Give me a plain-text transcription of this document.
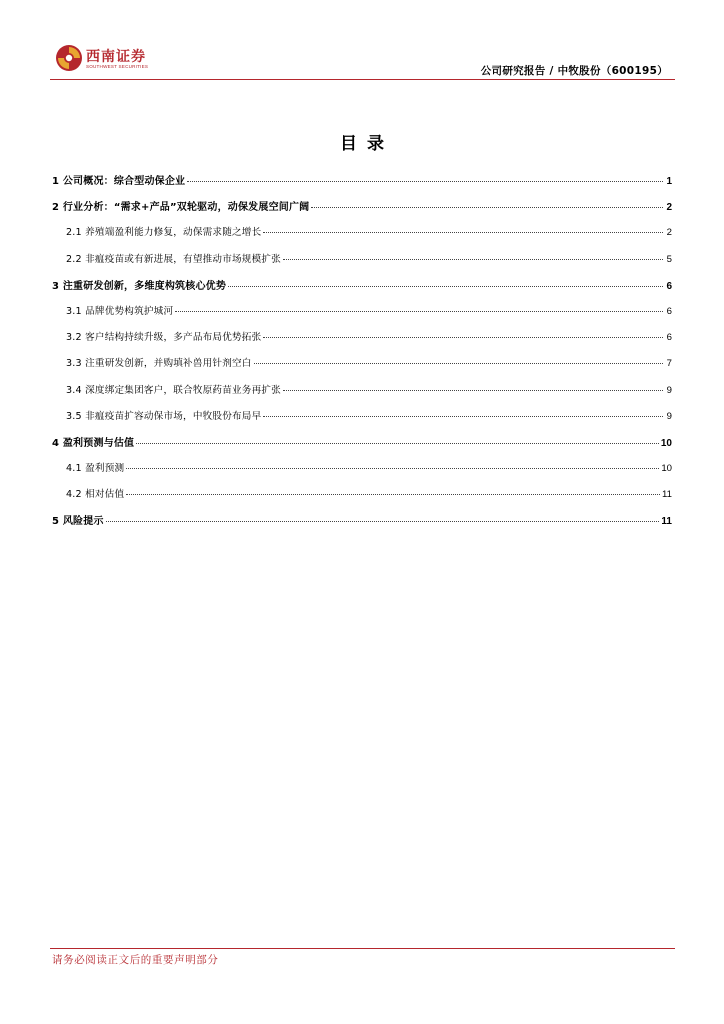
西南证券
SOUTHWEST SECURITIES	公司研究报告 / 中牧股份（600195）
目录
1 公司概况：综合型动保企业	1
2 行业分析：“需求+产品”双轮驱动，动保发展空间广阔	2
2.1 养殖端盈利能力修复，动保需求随之增长	2
2.2 非瘟疫苗或有新进展，有望推动市场规模扩张	5
3 注重研发创新，多维度构筑核心优势	6
3.1 品牌优势构筑护城河	6
3.2 客户结构持续升级，多产品布局优势拓张	6
3.3 注重研发创新，并购填补兽用针剂空白	7
3.4 深度绑定集团客户，联合牧原药苗业务再扩张	9
3.5 非瘟疫苗扩容动保市场，中牧股份布局早	9
4 盈利预测与估值	10
4.1 盈利预测	10
4.2 相对估值	11
5 风险提示	11
请务必阅读正文后的重要声明部分
